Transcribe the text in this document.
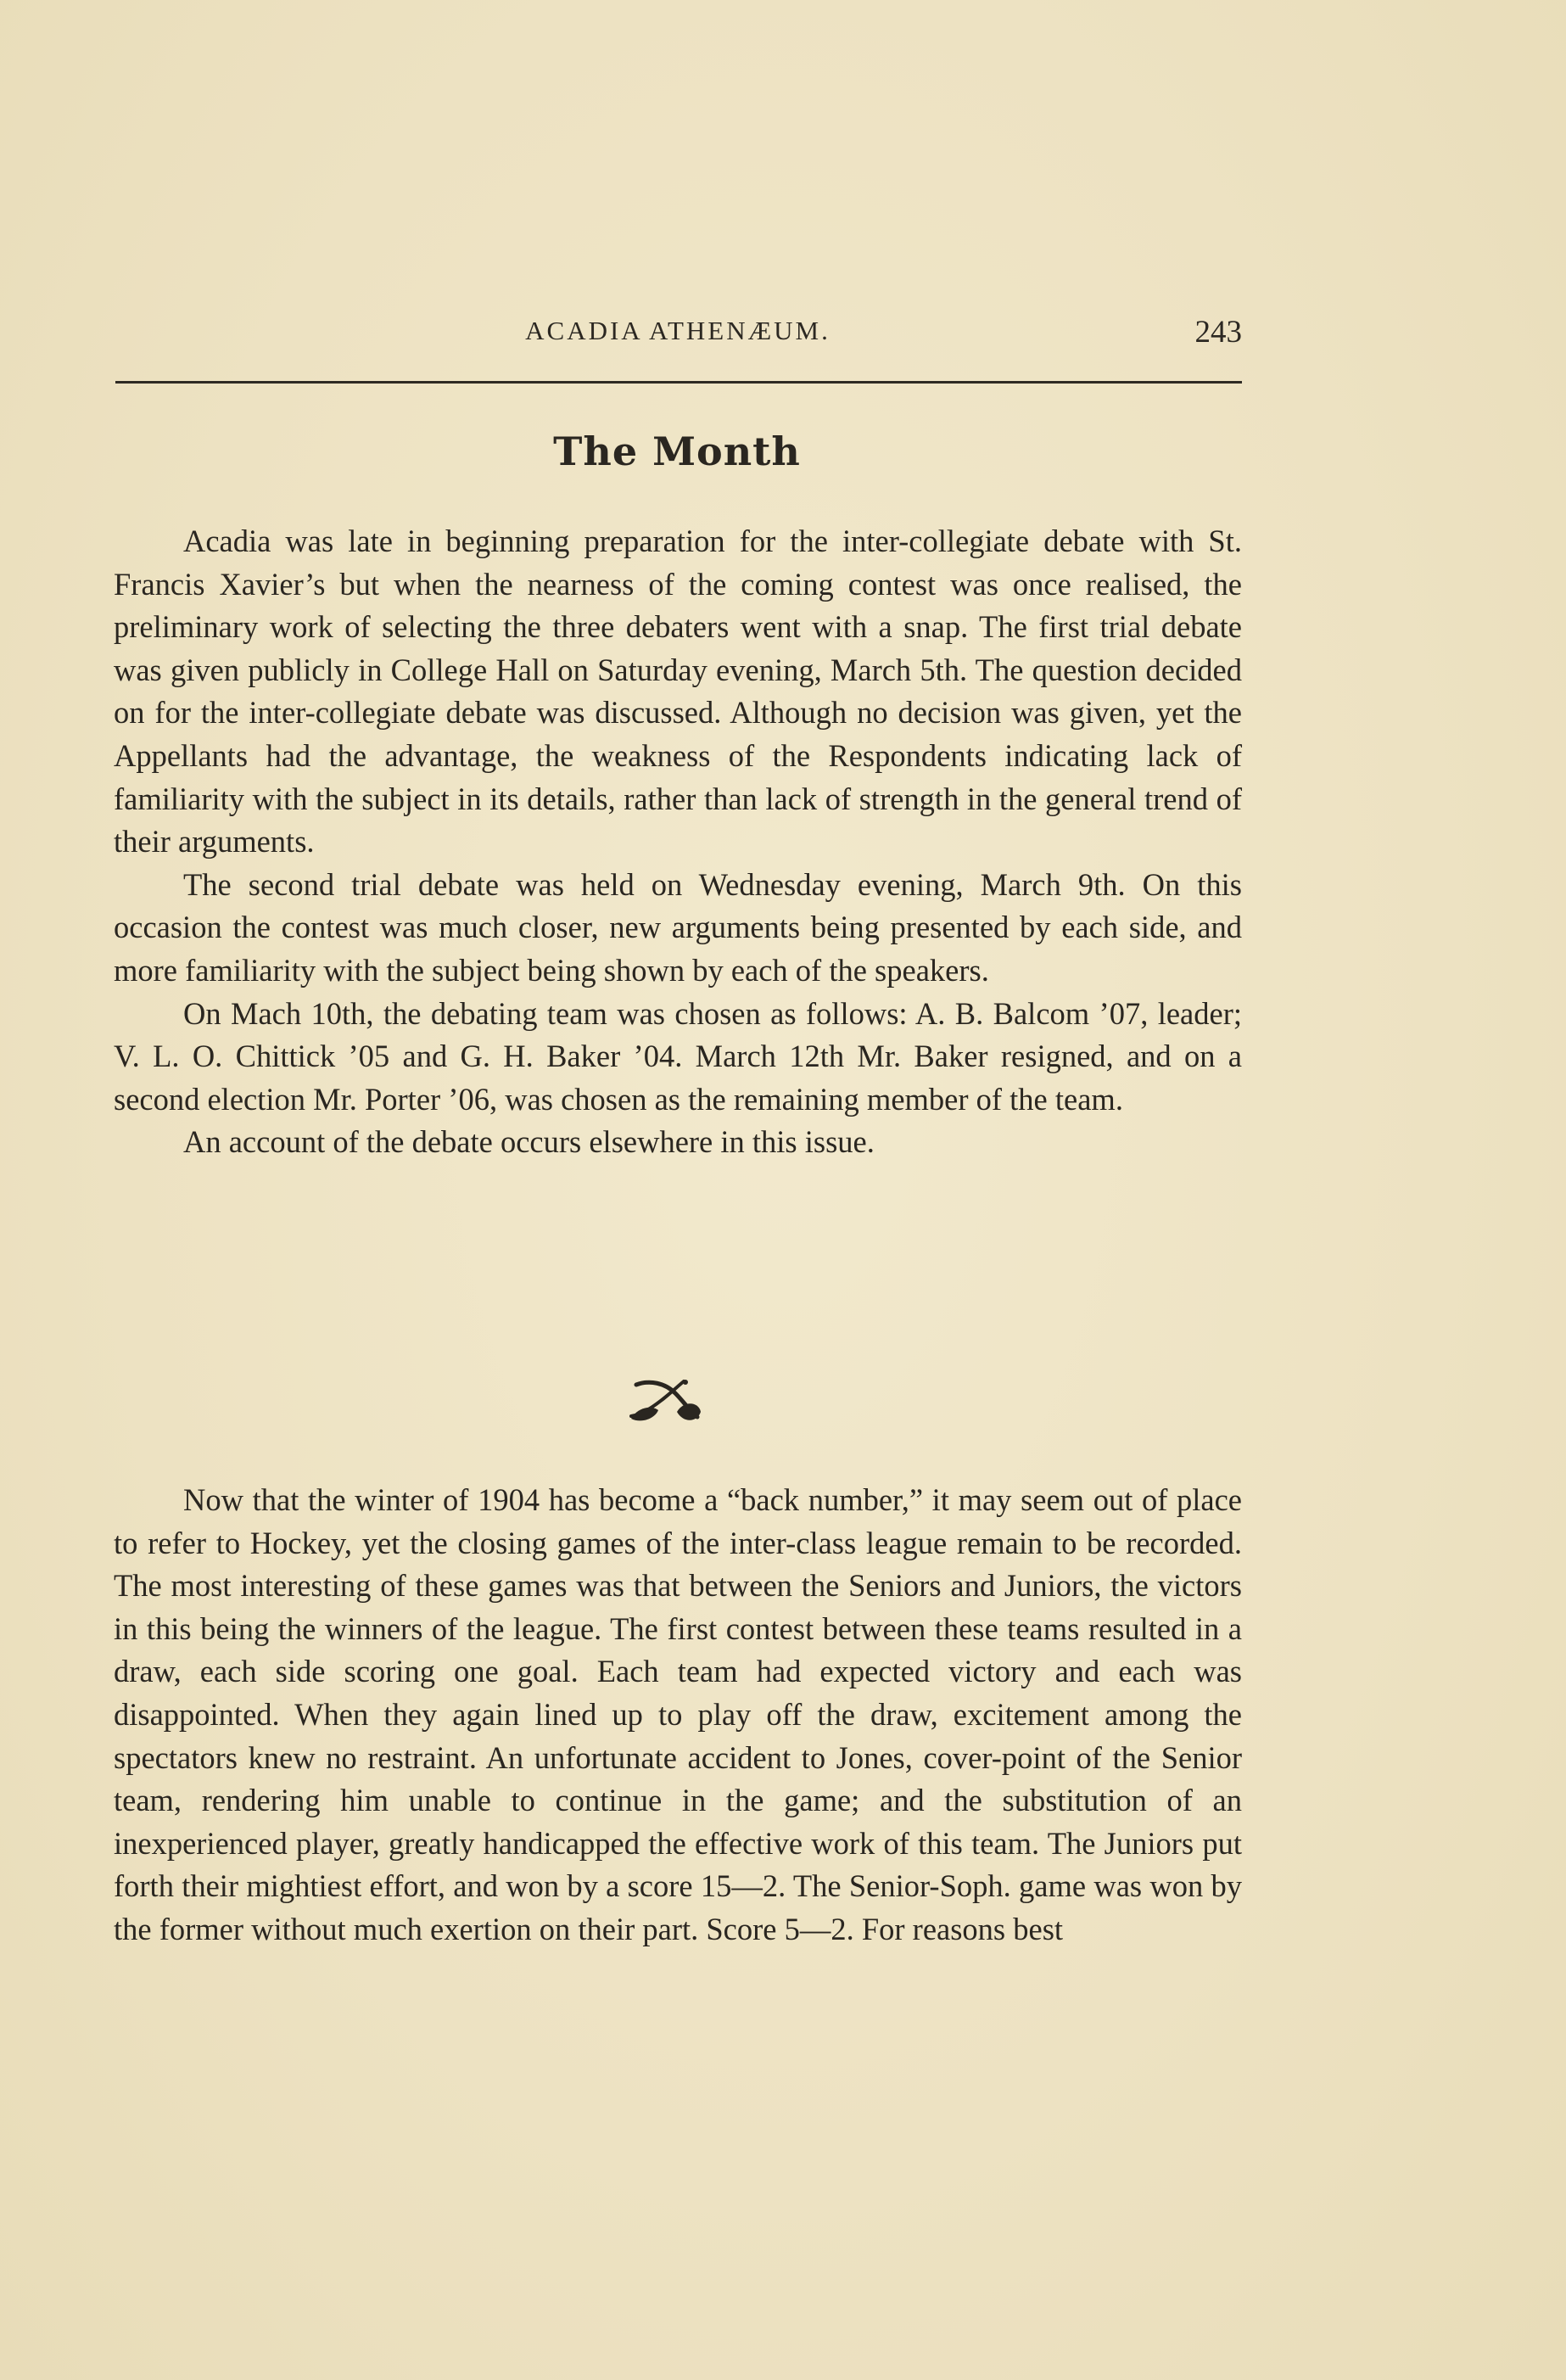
ACADIA ATHENÆUM.	243
The Month

Acadia was late in beginning preparation for the inter-collegiate debate with St. Francis Xavier’s but when the nearness of the coming contest was once realised, the preliminary work of selecting the three debaters went with a snap. The first trial debate was given publicly in College Hall on Saturday evening, March 5th. The question decided on for the inter-collegiate debate was discussed. Although no decision was given, yet the Appellants had the advantage, the weakness of the Respondents indicating lack of familiarity with the subject in its details, rather than lack of strength in the general trend of their arguments.

The second trial debate was held on Wednesday evening, March 9th. On this occasion the contest was much closer, new arguments being presented by each side, and more familiarity with the subject being shown by each of the speakers.

On Mach 10th, the debating team was chosen as follows: A. B. Balcom ’07, leader; V. L. O. Chittick ’05 and G. H. Baker ’04. March 12th Mr. Baker resigned, and on a second election Mr. Porter ’06, was chosen as the remaining member of the team.

An account of the debate occurs elsewhere in this issue.

Now that the winter of 1904 has become a “back number,” it may seem out of place to refer to Hockey, yet the closing games of the inter-class league remain to be recorded. The most interesting of these games was that between the Seniors and Juniors, the victors in this being the winners of the league. The first contest between these teams resulted in a draw, each side scoring one goal. Each team had expected victory and each was disappointed. When they again lined up to play off the draw, excitement among the spectators knew no restraint. An unfortunate accident to Jones, cover-point of the Senior team, rendering him unable to continue in the game; and the substitution of an inexperienced player, greatly handicapped the effective work of this team. The Juniors put forth their mightiest effort, and won by a score 15—2. The Senior-Soph. game was won by the former without much exertion on their part. Score 5—2. For reasons best
